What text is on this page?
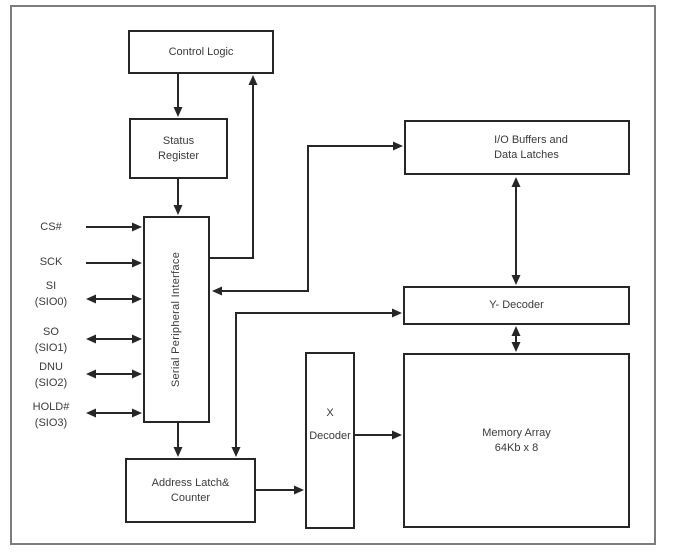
Control Logic
Status
Register
Serial Peripheral Interface
I/O Buffers and
Data Latches
Y- Decoder
X
Decoder	Memory Array
64Kb x 8
Address Latch&
Counter
CS#
SCK
SI
(SIO0)
SO
(SIO1)
DNU
(SIO2)
HOLD#
(SIO3)
